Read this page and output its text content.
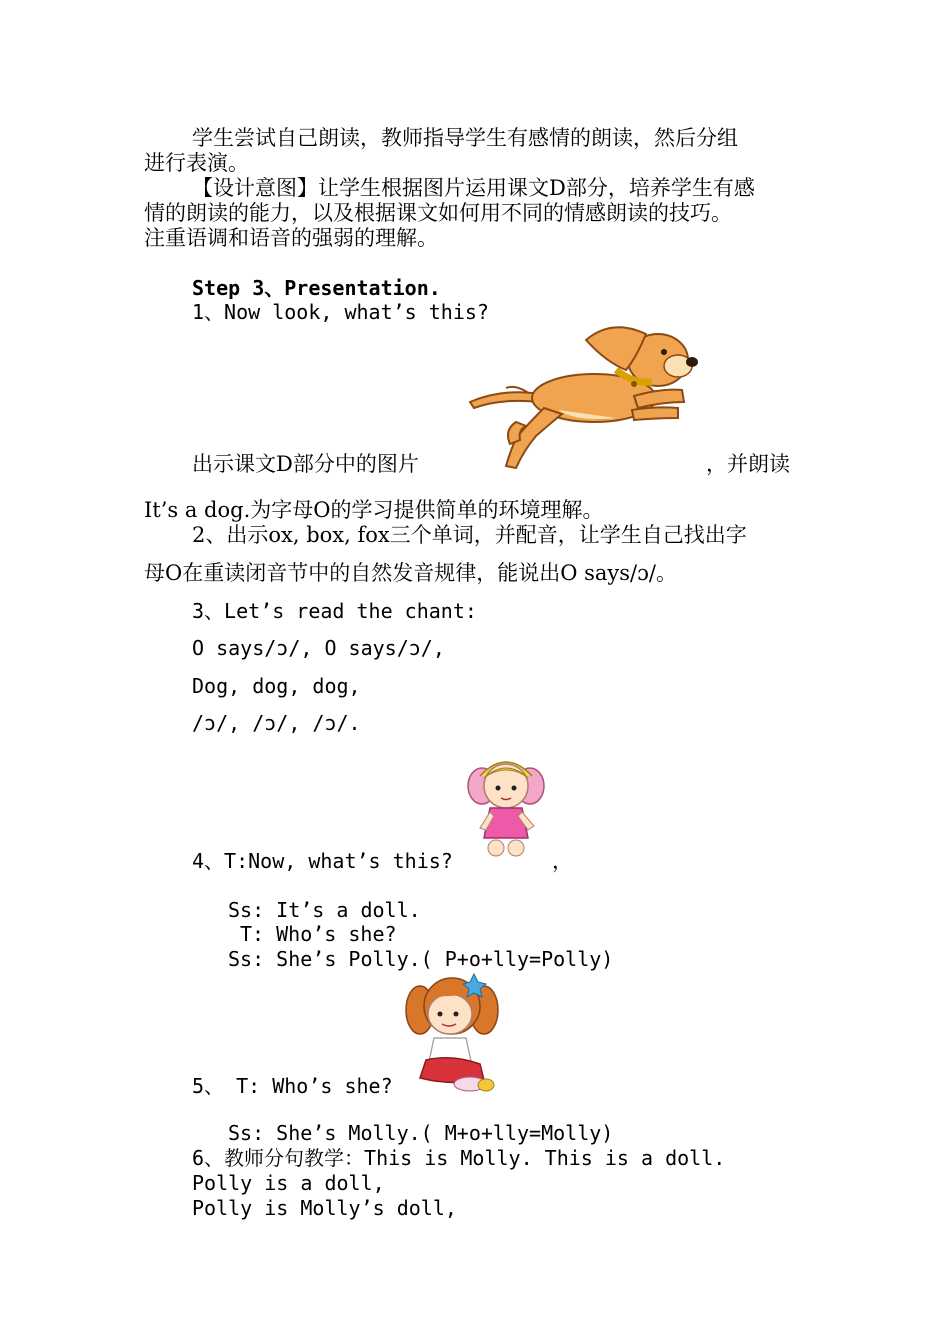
学生尝试自己朗读，教师指导学生有感情的朗读，然后分组
进行表演。
【设计意图】让学生根据图片运用课文D部分，培养学生有感
情的朗读的能力，以及根据课文如何用不同的情感朗读的技巧。
注重语调和语音的强弱的理解。
Step 3、Presentation.
1、Now look, what’s this?
出示课文D部分中的图片	，并朗读
It’s a dog.为字母O的学习提供简单的环境理解。
2、出示ox, box, fox三个单词，并配音，让学生自己找出字
母O在重读闭音节中的自然发音规律，能说出O says/ɔ/。
3、Let’s read the chant:
O says/ɔ/, O says/ɔ/,
Dog, dog, dog,
/ɔ/, /ɔ/, /ɔ/.
4、T:Now, what’s this?	，
Ss: It’s a doll.
T: Who’s she?
Ss: She’s Polly.( P+o+lly=Polly)
5、 T: Who’s she?
Ss: She’s Molly.( M+o+lly=Molly)
6、教师分句教学：This is Molly. This is a doll.
Polly is a doll,
Polly is Molly’s doll,
